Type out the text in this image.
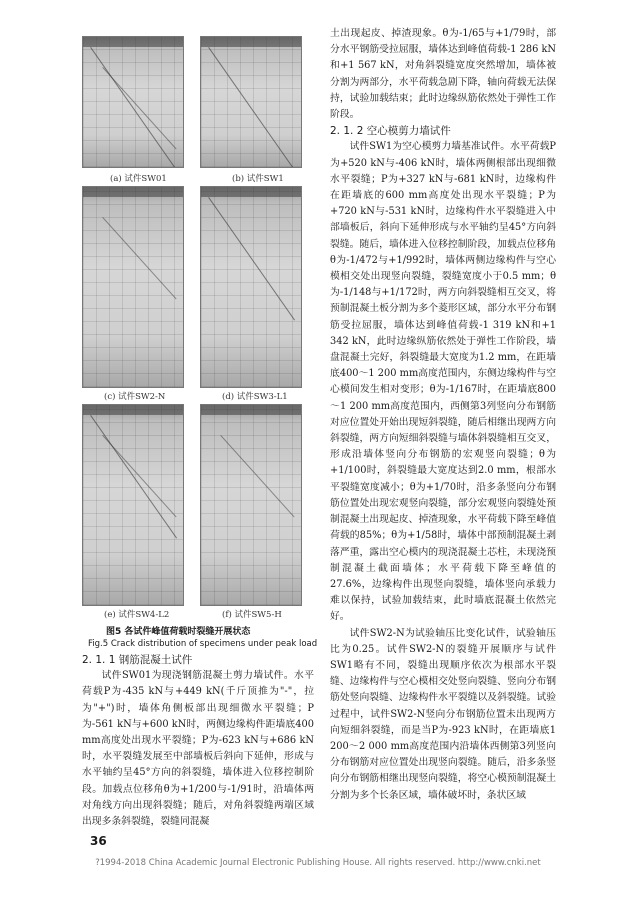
(a) 试件SW01	(b) 试件SW1
(c) 试件SW2-N	(d) 试件SW3-L1
(e) 试件SW4-L2	(f) 试件SW5-H
图5 各试件峰值荷载时裂缝开展状态
Fig.5 Crack distribution of specimens under peak load
2. 1. 1 钢筋混凝土试件

试件SW01为现浇钢筋混凝土剪力墙试件。水平荷载P为-435 kN与+449 kN(千斤顶推为"-"，拉为"+")时，墙体角侧板部出现细微水平裂缝；P为-561 kN与+600 kN时，两侧边缘构件距墙底400 mm高度处出现水平裂缝；P为-623 kN与+686 kN时，水平裂缝发展至中部墙板后斜向下延伸，形成与水平轴约呈45°方向的斜裂缝，墙体进入位移控制阶段。加载点位移角θ为+1/200与-1/91时，沿墙体两对角线方向出现斜裂缝；随后，对角斜裂缝两端区域出现多条斜裂缝，裂缝同混凝

36

土出现起皮、掉渣现象。θ为-1/65与+1/79时，部分水平钢筋受拉屈服，墙体达到峰值荷载-1 286 kN和+1 567 kN，对角斜裂缝宽度突然增加，墙体被分割为两部分，水平荷载急剧下降，轴向荷载无法保持，试验加载结束；此时边缘纵筋依然处于弹性工作阶段。

2. 1. 2 空心模剪力墙试件

试件SW1为空心模剪力墙基准试件。水平荷载P为+520 kN与-406 kN时，墙体两侧根部出现细微水平裂缝；P为+327 kN与-681 kN时，边缘构件在距墙底的600 mm高度处出现水平裂缝；P为+720 kN与-531 kN时，边缘构件水平裂缝进入中部墙板后，斜向下延伸形成与水平轴约呈45°方向斜裂缝。随后，墙体进入位移控制阶段，加载点位移角θ为-1/472与+1/992时，墙体两侧边缘构件与空心模相交处出现竖向裂缝，裂缝宽度小于0.5 mm；θ为-1/148与+1/172时，两方向斜裂缝相互交叉，将预制混凝土板分割为多个菱形区域，部分水平分布钢筋受拉屈服，墙体达到峰值荷载-1 319 kN和+1 342 kN，此时边缘纵筋依然处于弹性工作阶段，墙盘混凝土完好，斜裂缝最大宽度为1.2 mm，在距墙底400～1 200 mm高度范围内，东侧边缘构件与空心模间发生相对变形；θ为-1/167时，在距墙底800～1 200 mm高度范围内，西侧第3列竖向分布钢筋对应位置处开始出现短斜裂缝，随后相继出现两方向斜裂缝，两方向短细斜裂缝与墙体斜裂缝相互交叉，形成沿墙体竖向分布钢筋的宏观竖向裂缝；θ为+1/100时，斜裂缝最大宽度达到2.0 mm，根部水平裂缝宽度减小；θ为+1/70时，沿多条竖向分布钢筋位置处出现宏观竖向裂缝，部分宏观竖向裂缝处预制混凝土出现起皮、掉渣现象，水平荷载下降至峰值荷载的85%；θ为+1/58时，墙体中部预制混凝土剥落严重，露出空心模内的现浇混凝土芯柱，未现浇预制混凝土截面墙体；水平荷载下降至峰值的27.6%，边缘构件出现竖向裂缝，墙体竖向承载力难以保持，试验加载结束，此时墙底混凝土依然完好。

试件SW2-N为试验轴压比变化试件，试验轴压比为0.25。试件SW2-N的裂缝开展顺序与试件SW1略有不同，裂缝出现顺序依次为根部水平裂缝、边缘构件与空心模相交处竖向裂缝、竖向分布钢筋处竖向裂缝、边缘构件水平裂缝以及斜裂缝。试验过程中，试件SW2-N竖向分布钢筋位置未出现两方向短细斜裂缝，而是当P为-923 kN时，在距墙底1 200～2 000 mm高度范围内沿墙体西侧第3列竖向分布钢筋对应位置处出现竖向裂缝。随后，沿多条竖向分布钢筋相继出现竖向裂缝，将空心模预制混凝土分割为多个长条区域，墙体破坏时，条状区域

?1994-2018 China Academic Journal Electronic Publishing House. All rights reserved. http://www.cnki.net
